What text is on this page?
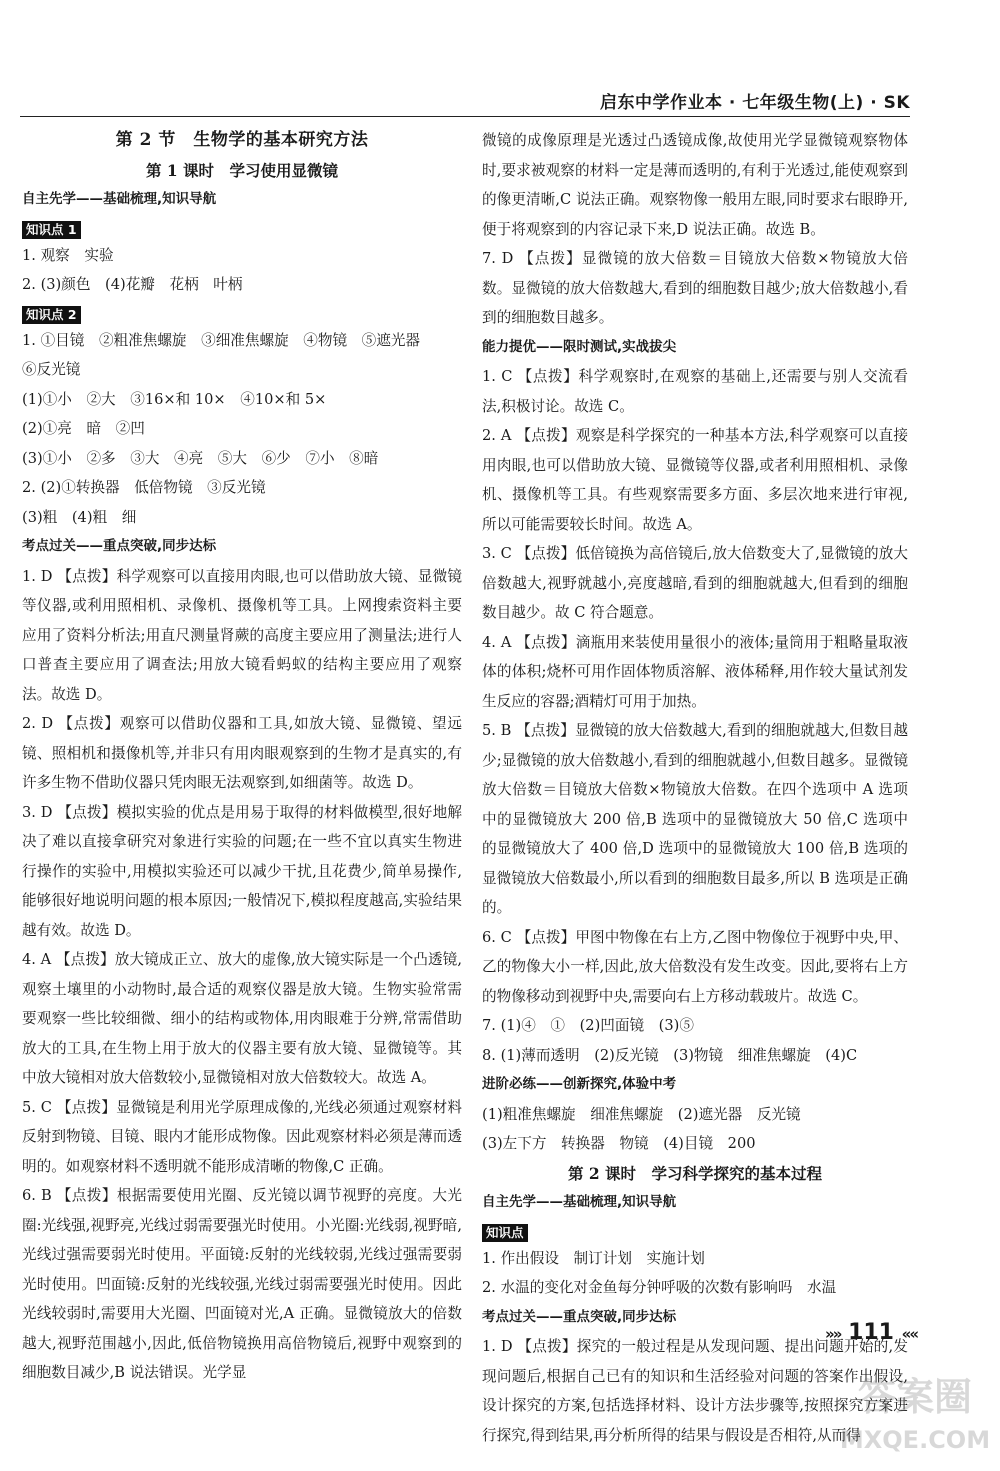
启东中学作业本 · 七年级生物(上) · SK

第 2 节　生物学的基本研究方法

第 1 课时　学习使用显微镜

自主先学——基础梳理,知识导航

知识点 1

1. 观察　实验

2. (3)颜色　(4)花瓣　花柄　叶柄

知识点 2

1. ①目镜　②粗准焦螺旋　③细准焦螺旋　④物镜　⑤遮光器

⑥反光镜

(1)①小　②大　③16×和 10×　④10×和 5×

(2)①亮　暗　②凹

(3)①小　②多　③大　④亮　⑤大　⑥少　⑦小　⑧暗

2. (2)①转换器　低倍物镜　③反光镜

(3)粗　(4)粗　细

考点过关——重点突破,同步达标

1. D 【点拨】科学观察可以直接用肉眼,也可以借助放大镜、显微镜等仪器,或利用照相机、录像机、摄像机等工具。上网搜索资料主要应用了资料分析法;用直尺测量肾蕨的高度主要应用了测量法;进行人口普查主要应用了调查法;用放大镜看蚂蚁的结构主要应用了观察法。故选 D。

2. D 【点拨】观察可以借助仪器和工具,如放大镜、显微镜、望远镜、照相机和摄像机等,并非只有用肉眼观察到的生物才是真实的,有许多生物不借助仪器只凭肉眼无法观察到,如细菌等。故选 D。

3. D 【点拨】模拟实验的优点是用易于取得的材料做模型,很好地解决了难以直接拿研究对象进行实验的问题;在一些不宜以真实生物进行操作的实验中,用模拟实验还可以减少干扰,且花费少,简单易操作,能够很好地说明问题的根本原因;一般情况下,模拟程度越高,实验结果越有效。故选 D。

4. A 【点拨】放大镜成正立、放大的虚像,放大镜实际是一个凸透镜,观察土壤里的小动物时,最合适的观察仪器是放大镜。生物实验常需要观察一些比较细微、细小的结构或物体,用肉眼难于分辨,常需借助放大的工具,在生物上用于放大的仪器主要有放大镜、显微镜等。其中放大镜相对放大倍数较小,显微镜相对放大倍数较大。故选 A。

5. C 【点拨】显微镜是利用光学原理成像的,光线必须通过观察材料反射到物镜、目镜、眼内才能形成物像。因此观察材料必须是薄而透明的。如观察材料不透明就不能形成清晰的物像,C 正确。

6. B 【点拨】根据需要使用光圈、反光镜以调节视野的亮度。大光圈:光线强,视野亮,光线过弱需要强光时使用。小光圈:光线弱,视野暗,光线过强需要弱光时使用。平面镜:反射的光线较弱,光线过强需要弱光时使用。凹面镜:反射的光线较强,光线过弱需要强光时使用。因此光线较弱时,需要用大光圈、凹面镜对光,A 正确。显微镜放大的倍数越大,视野范围越小,因此,低倍物镜换用高倍物镜后,视野中观察到的细胞数目减少,B 说法错误。光学显

微镜的成像原理是光透过凸透镜成像,故使用光学显微镜观察物体时,要求被观察的材料一定是薄而透明的,有利于光透过,能使观察到的像更清晰,C 说法正确。观察物像一般用左眼,同时要求右眼睁开,便于将观察到的内容记录下来,D 说法正确。故选 B。

7. D 【点拨】显微镜的放大倍数＝目镜放大倍数×物镜放大倍数。显微镜的放大倍数越大,看到的细胞数目越少;放大倍数越小,看到的细胞数目越多。

能力提优——限时测试,实战拔尖

1. C 【点拨】科学观察时,在观察的基础上,还需要与别人交流看法,积极讨论。故选 C。

2. A 【点拨】观察是科学探究的一种基本方法,科学观察可以直接用肉眼,也可以借助放大镜、显微镜等仪器,或者利用照相机、录像机、摄像机等工具。有些观察需要多方面、多层次地来进行审视,所以可能需要较长时间。故选 A。

3. C 【点拨】低倍镜换为高倍镜后,放大倍数变大了,显微镜的放大倍数越大,视野就越小,亮度越暗,看到的细胞就越大,但看到的细胞数目越少。故 C 符合题意。

4. A 【点拨】滴瓶用来装使用量很小的液体;量筒用于粗略量取液体的体积;烧杯可用作固体物质溶解、液体稀释,用作较大量试剂发生反应的容器;酒精灯可用于加热。

5. B 【点拨】显微镜的放大倍数越大,看到的细胞就越大,但数目越少;显微镜的放大倍数越小,看到的细胞就越小,但数目越多。显微镜放大倍数＝目镜放大倍数×物镜放大倍数。在四个选项中 A 选项中的显微镜放大 200 倍,B 选项中的显微镜放大 50 倍,C 选项中的显微镜放大了 400 倍,D 选项中的显微镜放大 100 倍,B 选项的显微镜放大倍数最小,所以看到的细胞数目最多,所以 B 选项是正确的。

6. C 【点拨】甲图中物像在右上方,乙图中物像位于视野中央,甲、乙的物像大小一样,因此,放大倍数没有发生改变。因此,要将右上方的物像移动到视野中央,需要向右上方移动载玻片。故选 C。

7. (1)④　①　(2)凹面镜　(3)⑤

8. (1)薄而透明　(2)反光镜　(3)物镜　细准焦螺旋　(4)C

进阶必练——创新探究,体验中考

(1)粗准焦螺旋　细准焦螺旋　(2)遮光器　反光镜

(3)左下方　转换器　物镜　(4)目镜　200

第 2 课时　学习科学探究的基本过程

自主先学——基础梳理,知识导航

知识点

1. 作出假设　制订计划　实施计划

2. 水温的变化对金鱼每分钟呼吸的次数有影响吗　水温

考点过关——重点突破,同步达标

1. D 【点拨】探究的一般过程是从发现问题、提出问题开始的,发现问题后,根据自己已有的知识和生活经验对问题的答案作出假设,设计探究的方案,包括选择材料、设计方法步骤等,按照探究方案进行探究,得到结果,再分析所得的结果与假设是否相符,从而得

»» 111 ««
答案圈
MXQE.COM
